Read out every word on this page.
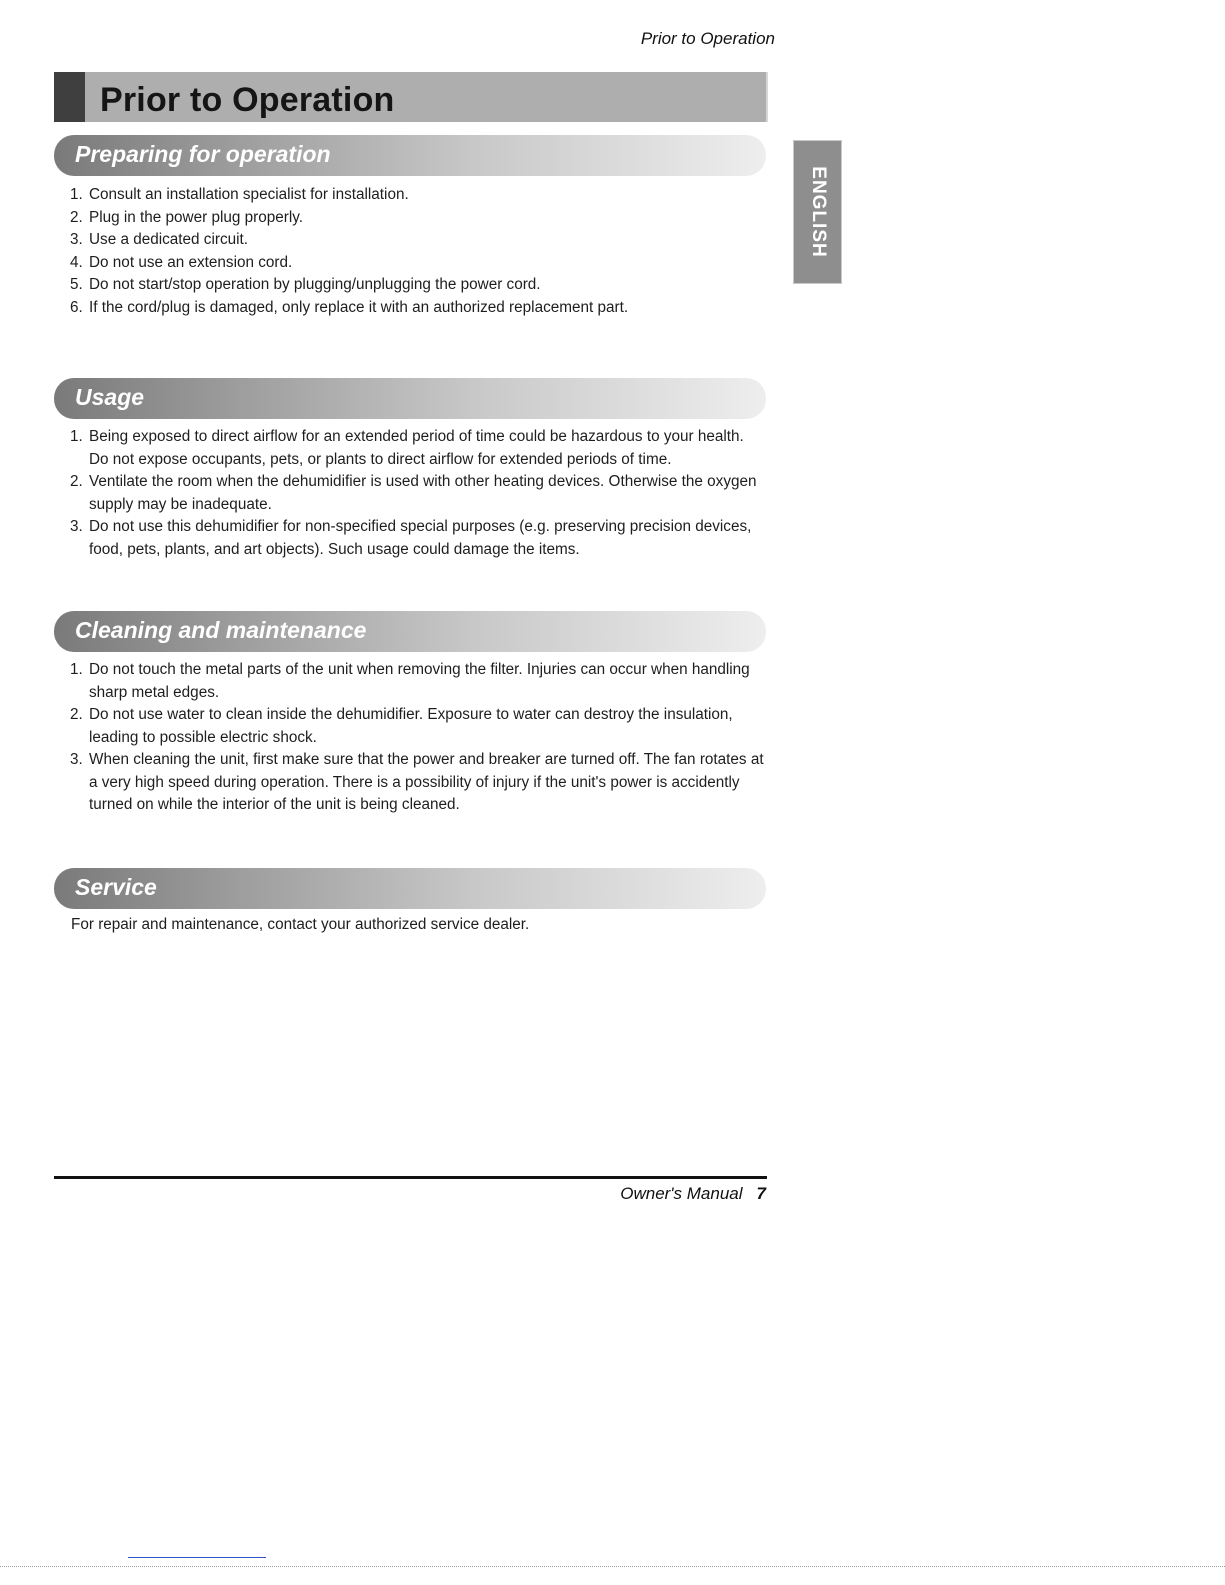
Prior to Operation
Prior to Operation
ENGLISH
Preparing for operation
1. Consult an installation specialist for installation.
2. Plug in the power plug properly.
3. Use a dedicated circuit.
4. Do not use an extension cord.
5. Do not start/stop operation by plugging/unplugging the power cord.
6. If the cord/plug is damaged, only replace it with an authorized replacement part.
Usage
1. Being exposed to direct airflow for an extended period of time could be hazardous to your health. Do not expose occupants, pets, or plants to direct airflow for extended periods of time.
2. Ventilate the room when the dehumidifier is used with other heating devices. Otherwise the oxygen supply may be inadequate.
3. Do not use this dehumidifier for non-specified special purposes (e.g. preserving precision devices, food, pets, plants, and art objects). Such usage could damage the items.
Cleaning and maintenance
1. Do not touch the metal parts of the unit when removing the filter. Injuries can occur when handling sharp metal edges.
2. Do not use water to clean inside the dehumidifier. Exposure to water can destroy the insulation, leading to possible electric shock.
3. When cleaning the unit, first make sure that the power and breaker are turned off. The fan rotates at a very high speed during operation. There is a possibility of injury if the unit's power is accidently turned on while the interior of the unit is being cleaned.
Service
For repair and maintenance, contact your authorized service dealer.
Owner's Manual 7
